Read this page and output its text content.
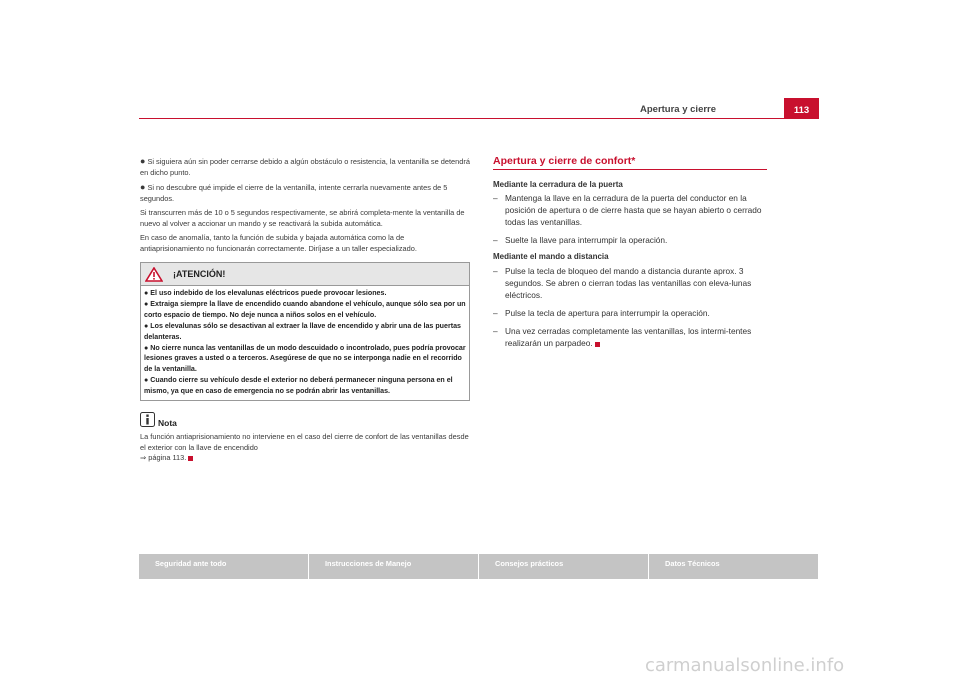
Apertura y cierre	113

● Si siguiera aún sin poder cerrarse debido a algún obstáculo o resistencia, la ventanilla se detendrá en dicho punto.

● Si no descubre qué impide el cierre de la ventanilla, intente cerrarla nuevamente antes de 5 segundos.

Si transcurren más de 10 o 5 segundos respectivamente, se abrirá completa-mente la ventanilla de nuevo al volver a accionar un mando y se reactivará la subida automática.

En caso de anomalía, tanto la función de subida y bajada automática como la de antiaprisionamiento no funcionarán correctamente. Diríjase a un taller especializado.

¡ATENCIÓN!

● El uso indebido de los elevalunas eléctricos puede provocar lesiones.

● Extraiga siempre la llave de encendido cuando abandone el vehículo, aunque sólo sea por un corto espacio de tiempo. No deje nunca a niños solos en el vehículo.

● Los elevalunas sólo se desactivan al extraer la llave de encendido y abrir una de las puertas delanteras.

● No cierre nunca las ventanillas de un modo descuidado o incontrolado, pues podría provocar lesiones graves a usted o a terceros. Asegúrese de que no se interponga nadie en el recorrido de la ventanilla.

● Cuando cierre su vehículo desde el exterior no deberá permanecer ninguna persona en el mismo, ya que en caso de emergencia no se podrán abrir las ventanillas.

Nota

La función antiaprisionamiento no interviene en el caso del cierre de confort de las ventanillas desde el exterior con la llave de encendido
⇒ página 113.

Apertura y cierre de confort*
Mediante la cerradura de la puerta
– Mantenga la llave en la cerradura de la puerta del conductor en la posición de apertura o de cierre hasta que se hayan abierto o cerrado todas las ventanillas.
– Suelte la llave para interrumpir la operación.
Mediante el mando a distancia
– Pulse la tecla de bloqueo del mando a distancia durante aprox. 3 segundos. Se abren o cierran todas las ventanillas con eleva-lunas eléctricos.
– Pulse la tecla de apertura para interrumpir la operación.
– Una vez cerradas completamente las ventanillas, los intermi-tentes realizarán un parpadeo.
Seguridad ante todo	Instrucciones de Manejo	Consejos prácticos	Datos Técnicos
carmanualsonline.info
